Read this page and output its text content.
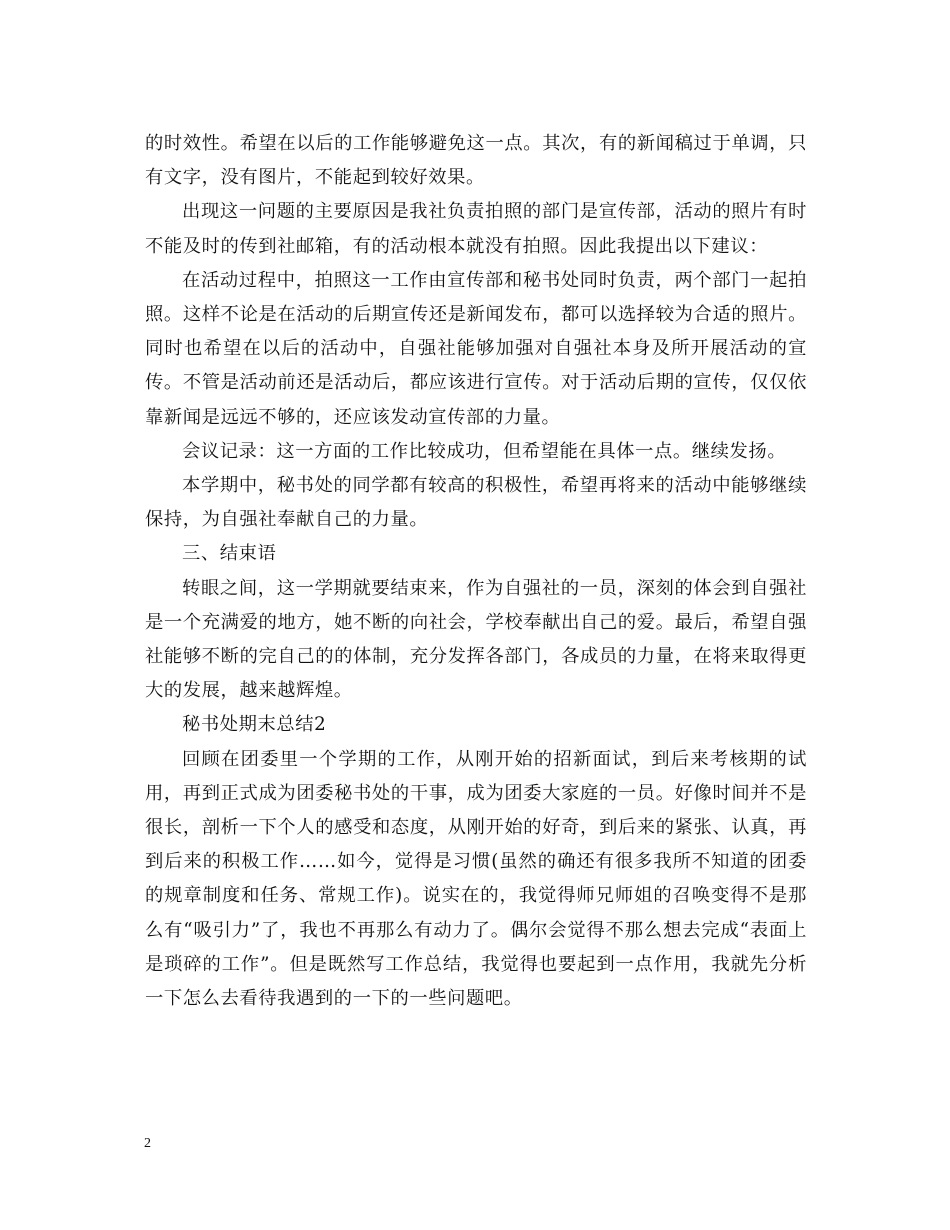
的时效性。希望在以后的工作能够避免这一点。其次，有的新闻稿过于单调，只有文字，没有图片，不能起到较好效果。

出现这一问题的主要原因是我社负责拍照的部门是宣传部，活动的照片有时不能及时的传到社邮箱，有的活动根本就没有拍照。因此我提出以下建议：

在活动过程中，拍照这一工作由宣传部和秘书处同时负责，两个部门一起拍照。这样不论是在活动的后期宣传还是新闻发布，都可以选择较为合适的照片。同时也希望在以后的活动中，自强社能够加强对自强社本身及所开展活动的宣传。不管是活动前还是活动后，都应该进行宣传。对于活动后期的宣传，仅仅依靠新闻是远远不够的，还应该发动宣传部的力量。

会议记录：这一方面的工作比较成功，但希望能在具体一点。继续发扬。

本学期中，秘书处的同学都有较高的积极性，希望再将来的活动中能够继续保持，为自强社奉献自己的力量。

三、结束语

转眼之间，这一学期就要结束来，作为自强社的一员，深刻的体会到自强社是一个充满爱的地方，她不断的向社会，学校奉献出自己的爱。最后，希望自强社能够不断的完自己的的体制，充分发挥各部门，各成员的力量，在将来取得更大的发展，越来越辉煌。

秘书处期末总结2

回顾在团委里一个学期的工作，从刚开始的招新面试，到后来考核期的试用，再到正式成为团委秘书处的干事，成为团委大家庭的一员。好像时间并不是很长，剖析一下个人的感受和态度，从刚开始的好奇，到后来的紧张、认真，再到后来的积极工作……如今，觉得是习惯(虽然的确还有很多我所不知道的团委的规章制度和任务、常规工作)。说实在的，我觉得师兄师姐的召唤变得不是那么有“吸引力”了，我也不再那么有动力了。偶尔会觉得不那么想去完成“表面上是琐碎的工作”。但是既然写工作总结，我觉得也要起到一点作用，我就先分析一下怎么去看待我遇到的一下的一些问题吧。

2
